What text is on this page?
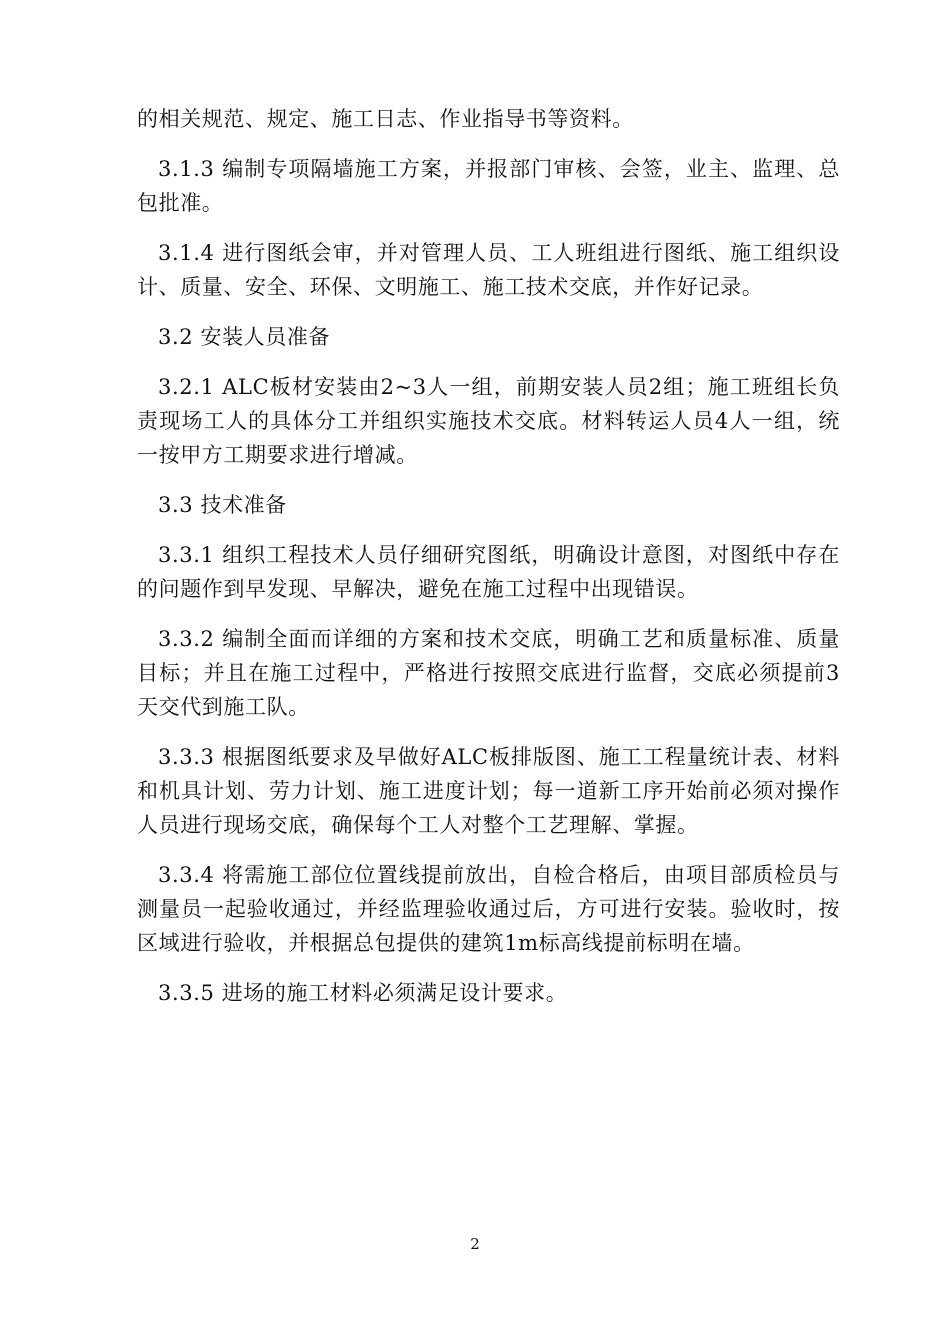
的相关规范、规定、施工日志、作业指导书等资料。

3.1.3 编制专项隔墙施工方案，并报部门审核、会签，业主、监理、总包批准。

3.1.4 进行图纸会审，并对管理人员、工人班组进行图纸、施工组织设计、质量、安全、环保、文明施工、施工技术交底，并作好记录。

3.2 安装人员准备

3.2.1 ALC板材安装由2~3人一组，前期安装人员2组；施工班组长负责现场工人的具体分工并组织实施技术交底。材料转运人员4人一组，统一按甲方工期要求进行增减。

3.3 技术准备

3.3.1 组织工程技术人员仔细研究图纸，明确设计意图，对图纸中存在的问题作到早发现、早解决，避免在施工过程中出现错误。

3.3.2 编制全面而详细的方案和技术交底，明确工艺和质量标准、质量目标；并且在施工过程中，严格进行按照交底进行监督，交底必须提前3天交代到施工队。

3.3.3 根据图纸要求及早做好ALC板排版图、施工工程量统计表、材料和机具计划、劳力计划、施工进度计划；每一道新工序开始前必须对操作人员进行现场交底，确保每个工人对整个工艺理解、掌握。

3.3.4 将需施工部位位置线提前放出，自检合格后，由项目部质检员与测量员一起验收通过，并经监理验收通过后，方可进行安装。验收时，按区域进行验收，并根据总包提供的建筑1m标高线提前标明在墙。

3.3.5 进场的施工材料必须满足设计要求。

2
